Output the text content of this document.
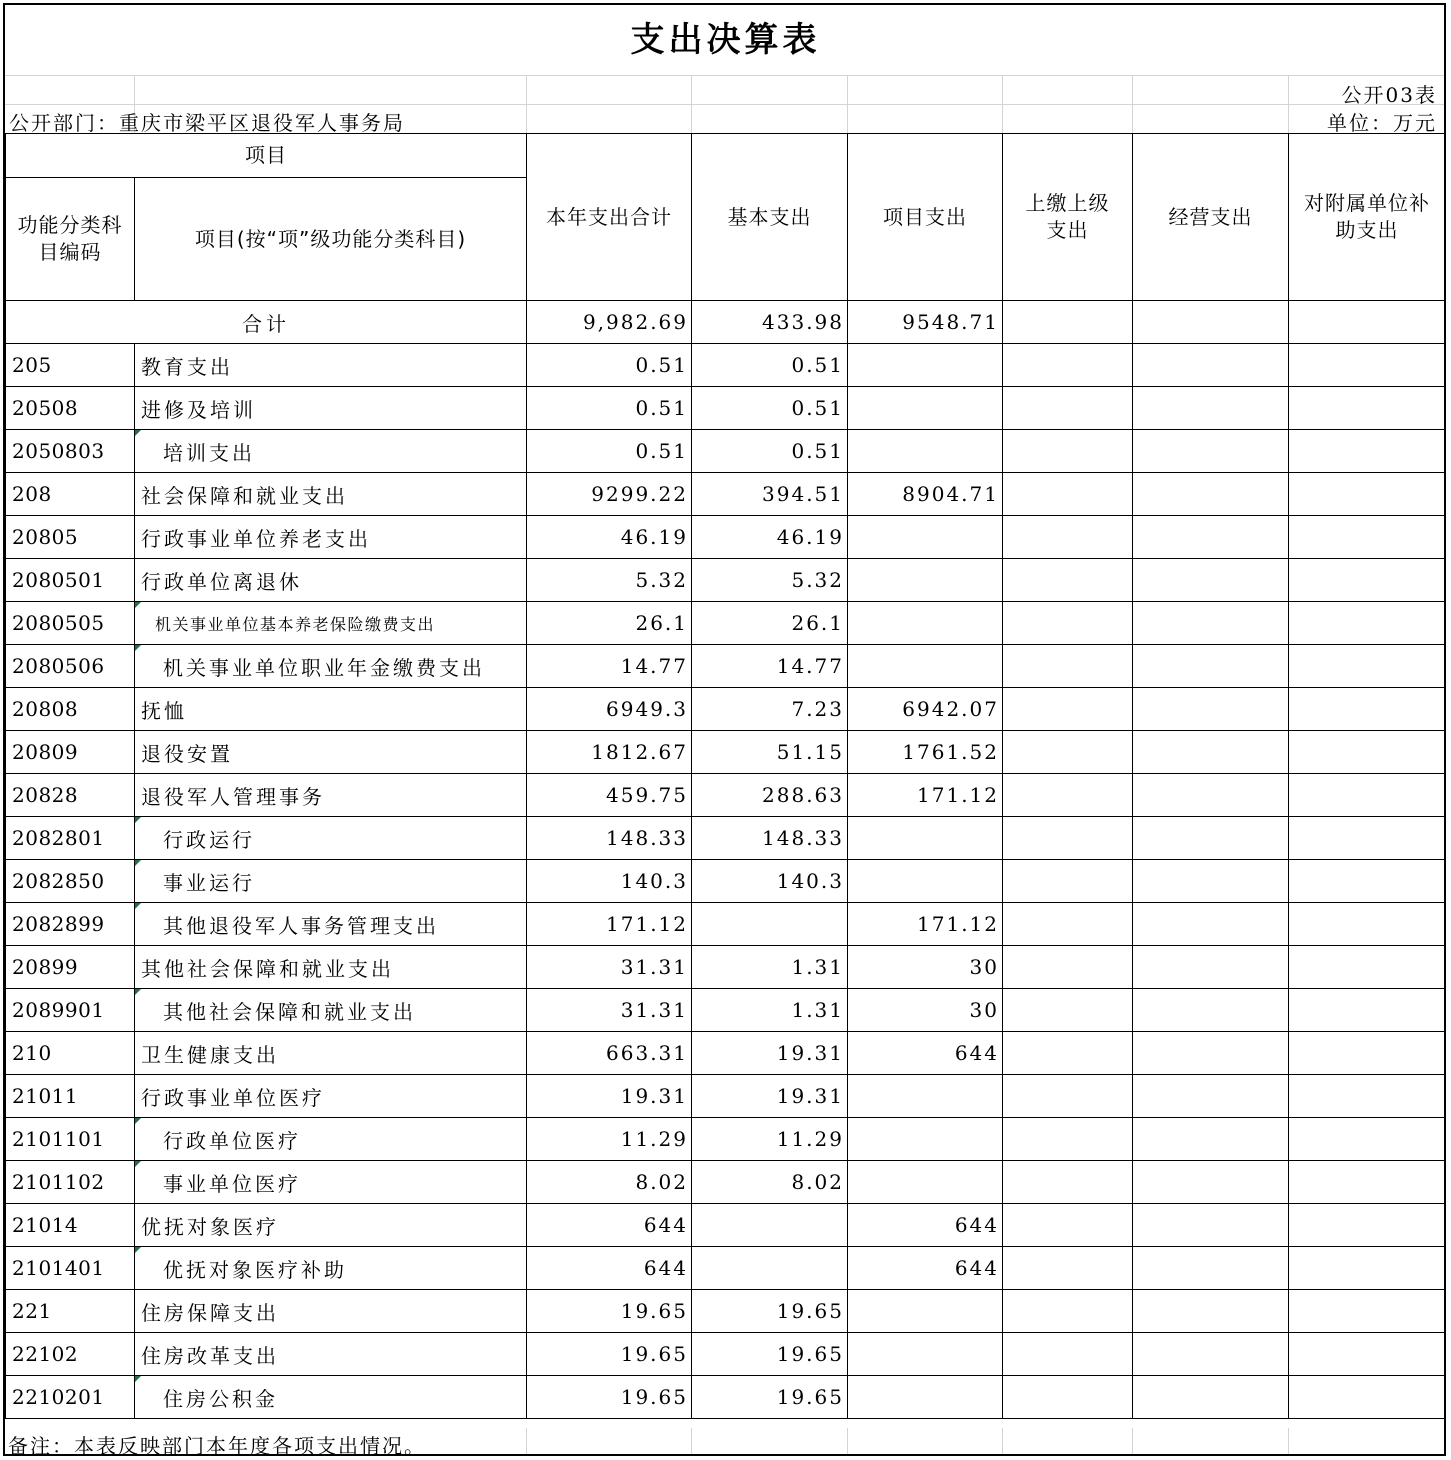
支出决算表
公开03表
公开部门：重庆市梁平区退役军人事务局	单位：万元
项目		本年支出合计	基本支出	项目支出	上缴上级支出	经营支出	对附属单位补助支出
功能分类科目编码	项目(按“项”级功能分类科目)						
合计		9,982.69	433.98	9548.71			
205	教育支出	0.51	0.51				
20508	进修及培训	0.51	0.51				
2050803	培训支出	0.51	0.51				
208	社会保障和就业支出	9299.22	394.51	8904.71			
20805	行政事业单位养老支出	46.19	46.19				
2080501	行政单位离退休	5.32	5.32				
2080505	机关事业单位基本养老保险缴费支出	26.1	26.1				
2080506	机关事业单位职业年金缴费支出	14.77	14.77				
20808	抚恤	6949.3	7.23	6942.07			
20809	退役安置	1812.67	51.15	1761.52			
20828	退役军人管理事务	459.75	288.63	171.12			
2082801	行政运行	148.33	148.33				
2082850	事业运行	140.3	140.3				
2082899	其他退役军人事务管理支出	171.12		171.12			
20899	其他社会保障和就业支出	31.31	1.31	30			
2089901	其他社会保障和就业支出	31.31	1.31	30			
210	卫生健康支出	663.31	19.31	644			
21011	行政事业单位医疗	19.31	19.31				
2101101	行政单位医疗	11.29	11.29				
2101102	事业单位医疗	8.02	8.02				
21014	优抚对象医疗	644		644			
2101401	优抚对象医疗补助	644		644			
221	住房保障支出	19.65	19.65				
22102	住房改革支出	19.65	19.65				
2210201	住房公积金	19.65	19.65				
备注：本表反映部门本年度各项支出情况。
